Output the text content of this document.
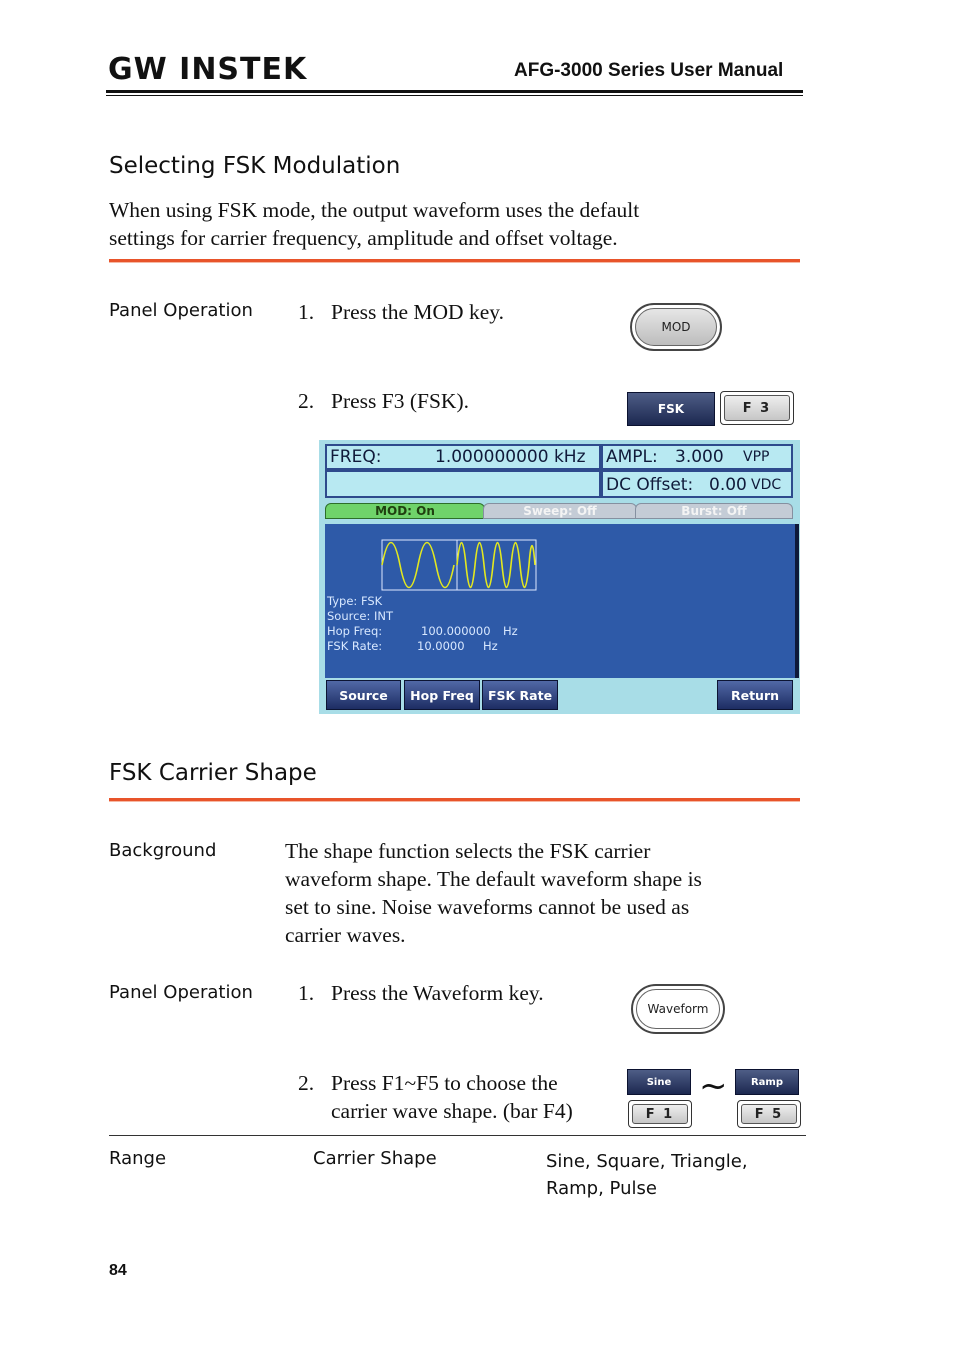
GW INSTEK	AFG-3000 Series User Manual
Selecting FSK Modulation
When using FSK mode, the output waveform uses the default
settings for carrier frequency, amplitude and offset voltage.
Panel Operation 1. Press the MOD key.
MOD
2. Press F3 (FSK).	FSK	F 3
FREQ:	1.000000000 kHz AMPL: 3.000 VPP
DC Offset: 0.00 VDC
MOD: On	Sweep: Off	Burst: Off
Type: FSK
Source: INT
Hop Freq:	100.000000 Hz
FSK Rate:	10.0000 Hz
Source	Hop Freq	FSK Rate	Return
FSK Carrier Shape
Background	The shape function selects the FSK carrier
waveform shape. The default waveform shape is
set to sine. Noise waveforms cannot be used as
carrier waves.
Panel Operation 1. Press the Waveform key.
Waveform
2. Press F1~F5 to choose the
carrier wave shape. (bar F4)
Sine
F 1
~	Ramp
F 5
Range	Carrier Shape	Sine, Square, Triangle,
Ramp, Pulse
84
